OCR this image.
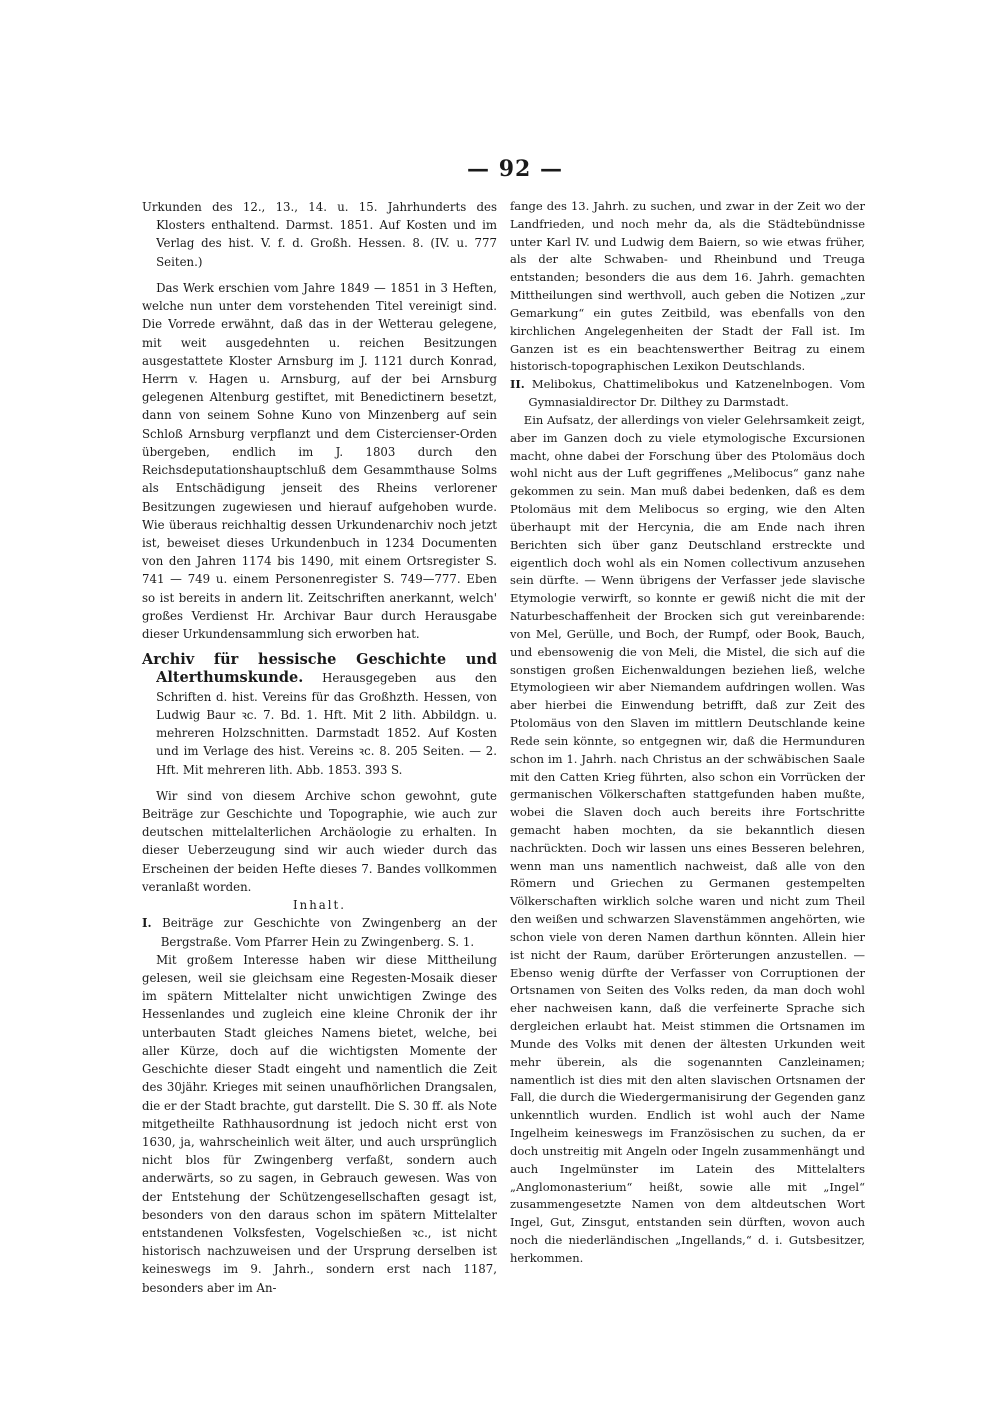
— 92 —

Urkunden des 12., 13., 14. u. 15. Jahrhunderts des Klosters enthaltend. Darmst. 1851. Auf Kosten und im Verlag des hist. V. f. d. Großh. Hessen. 8. (IV. u. 777 Seiten.)

Das Werk erschien vom Jahre 1849 — 1851 in 3 Heften, welche nun unter dem vorstehenden Titel vereinigt sind. Die Vorrede erwähnt, daß das in der Wetterau gelegene, mit weit ausgedehnten u. reichen Besitzungen ausgestattete Kloster Arnsburg im J. 1121 durch Konrad, Herrn v. Hagen u. Arnsburg, auf der bei Arnsburg gelegenen Altenburg gestiftet, mit Benedictinern besetzt, dann von seinem Sohne Kuno von Minzenberg auf sein Schloß Arnsburg verpflanzt und dem Cistercienser-Orden übergeben, endlich im J. 1803 durch den Reichsdeputationshauptschluß dem Gesammthause Solms als Entschädigung jenseit des Rheins verlorener Besitzungen zugewiesen und hierauf aufgehoben wurde. Wie überaus reichhaltig dessen Urkundenarchiv noch jetzt ist, beweiset dieses Urkundenbuch in 1234 Documenten von den Jahren 1174 bis 1490, mit einem Ortsregister S. 741 — 749 u. einem Personenregister S. 749—777. Eben so ist bereits in andern lit. Zeitschriften anerkannt, welch' großes Verdienst Hr. Archivar Baur durch Herausgabe dieser Urkundensammlung sich erworben hat.

Archiv für hessische Geschichte und Alterthumskunde. Herausgegeben aus den Schriften d. hist. Vereins für das Großhzth. Hessen, von Ludwig Baur ꝛc. 7. Bd. 1. Hft. Mit 2 lith. Abbildgn. u. mehreren Holzschnitten. Darmstadt 1852. Auf Kosten und im Verlage des hist. Vereins ꝛc. 8. 205 Seiten. — 2. Hft. Mit mehreren lith. Abb. 1853. 393 S.

Wir sind von diesem Archive schon gewohnt, gute Beiträge zur Geschichte und Topographie, wie auch zur deutschen mittelalterlichen Archäologie zu erhalten. In dieser Ueberzeugung sind wir auch wieder durch das Erscheinen der beiden Hefte dieses 7. Bandes vollkommen veranlaßt worden.

Inhalt.

I. Beiträge zur Geschichte von Zwingenberg an der Bergstraße. Vom Pfarrer Hein zu Zwingenberg. S. 1.

Mit großem Interesse haben wir diese Mittheilung gelesen, weil sie gleichsam eine Regesten-Mosaik dieser im spätern Mittelalter nicht unwichtigen Zwinge des Hessenlandes und zugleich eine kleine Chronik der ihr unterbauten Stadt gleiches Namens bietet, welche, bei aller Kürze, doch auf die wichtigsten Momente der Geschichte dieser Stadt eingeht und namentlich die Zeit des 30jähr. Krieges mit seinen unaufhörlichen Drangsalen, die er der Stadt brachte, gut darstellt. Die S. 30 ff. als Note mitgetheilte Rathhausordnung ist jedoch nicht erst von 1630, ja, wahrscheinlich weit älter, und auch ursprünglich nicht blos für Zwingenberg verfaßt, sondern auch anderwärts, so zu sagen, in Gebrauch gewesen. Was von der Entstehung der Schützengesellschaften gesagt ist, besonders von den daraus schon im spätern Mittelalter entstandenen Volksfesten, Vogelschießen ꝛc., ist nicht historisch nachzuweisen und der Ursprung derselben ist keineswegs im 9. Jahrh., sondern erst nach 1187, besonders aber im An-

fange des 13. Jahrh. zu suchen, und zwar in der Zeit wo der Landfrieden, und noch mehr da, als die Städtebündnisse unter Karl IV. und Ludwig dem Baiern, so wie etwas früher, als der alte Schwaben- und Rheinbund und Treuga entstanden; besonders die aus dem 16. Jahrh. gemachten Mittheilungen sind werthvoll, auch geben die Notizen „zur Gemarkung“ ein gutes Zeitbild, was ebenfalls von den kirchlichen Angelegenheiten der Stadt der Fall ist. Im Ganzen ist es ein beachtenswerther Beitrag zu einem historisch-topographischen Lexikon Deutschlands.

II. Melibokus, Chattimelibokus und Katzenelnbogen. Vom Gymnasialdirector Dr. Dilthey zu Darmstadt.

Ein Aufsatz, der allerdings von vieler Gelehrsamkeit zeigt, aber im Ganzen doch zu viele etymologische Excursionen macht, ohne dabei der Forschung über des Ptolomäus doch wohl nicht aus der Luft gegriffenes „Melibocus“ ganz nahe gekommen zu sein. Man muß dabei bedenken, daß es dem Ptolomäus mit dem Melibocus so erging, wie den Alten überhaupt mit der Hercynia, die am Ende nach ihren Berichten sich über ganz Deutschland erstreckte und eigentlich doch wohl als ein Nomen collectivum anzusehen sein dürfte. — Wenn übrigens der Verfasser jede slavische Etymologie verwirft, so konnte er gewiß nicht die mit der Naturbeschaffenheit der Brocken sich gut vereinbarende: von Mel, Gerülle, und Boch, der Rumpf, oder Book, Bauch, und ebensowenig die von Meli, die Mistel, die sich auf die sonstigen großen Eichenwaldungen beziehen ließ, welche Etymologieen wir aber Niemandem aufdringen wollen. Was aber hierbei die Einwendung betrifft, daß zur Zeit des Ptolomäus von den Slaven im mittlern Deutschlande keine Rede sein könnte, so entgegnen wir, daß die Hermunduren schon im 1. Jahrh. nach Christus an der schwäbischen Saale mit den Catten Krieg führten, also schon ein Vorrücken der germanischen Völkerschaften stattgefunden haben mußte, wobei die Slaven doch auch bereits ihre Fortschritte gemacht haben mochten, da sie bekanntlich diesen nachrückten. Doch wir lassen uns eines Besseren belehren, wenn man uns namentlich nachweist, daß alle von den Römern und Griechen zu Germanen gestempelten Völkerschaften wirklich solche waren und nicht zum Theil den weißen und schwarzen Slavenstämmen angehörten, wie schon viele von deren Namen darthun könnten. Allein hier ist nicht der Raum, darüber Erörterungen anzustellen. — Ebenso wenig dürfte der Verfasser von Corruptionen der Ortsnamen von Seiten des Volks reden, da man doch wohl eher nachweisen kann, daß die verfeinerte Sprache sich dergleichen erlaubt hat. Meist stimmen die Ortsnamen im Munde des Volks mit denen der ältesten Urkunden weit mehr überein, als die sogenannten Canzleinamen; namentlich ist dies mit den alten slavischen Ortsnamen der Fall, die durch die Wiedergermanisirung der Gegenden ganz unkenntlich wurden. Endlich ist wohl auch der Name Ingelheim keineswegs im Französischen zu suchen, da er doch unstreitig mit Angeln oder Ingeln zusammenhängt und auch Ingelmünster im Latein des Mittelalters „Anglomonasterium“ heißt, sowie alle mit „Ingel“ zusammengesetzte Namen von dem altdeutschen Wort Ingel, Gut, Zinsgut, entstanden sein dürften, wovon auch noch die niederländischen „Ingellands,“ d. i. Gutsbesitzer, herkommen.
